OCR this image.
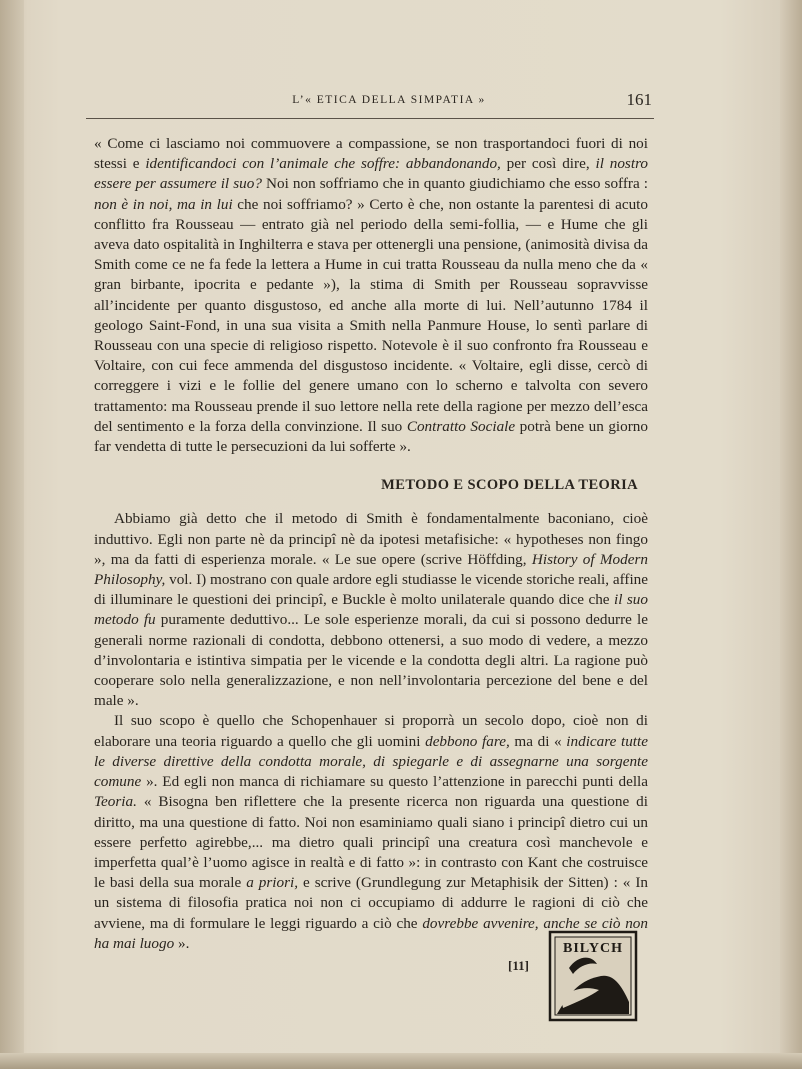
L’« ETICA DELLA SIMPATIA »	161

« Come ci lasciamo noi commuovere a compassione, se non trasportandoci fuori di noi stessi e identificandoci con l’animale che soffre: abbandonando, per così dire, il nostro essere per assumere il suo? Noi non soffriamo che in quanto giudichiamo che esso soffra : non è in noi, ma in lui che noi soffriamo? » Certo è che, non ostante la parentesi di acuto conflitto fra Rousseau — entrato già nel periodo della semi-follia, — e Hume che gli aveva dato ospitalità in Inghilterra e stava per ottenergli una pensione, (animosità divisa da Smith come ce ne fa fede la lettera a Hume in cui tratta Rousseau da nulla meno che da « gran birbante, ipocrita e pedante »), la stima di Smith per Rousseau sopravvisse all’incidente per quanto disgustoso, ed anche alla morte di lui. Nell’autunno 1784 il geologo Saint-Fond, in una sua visita a Smith nella Panmure House, lo sentì parlare di Rousseau con una specie di religioso rispetto. Notevole è il suo confronto fra Rousseau e Voltaire, con cui fece ammenda del disgustoso incidente. « Voltaire, egli disse, cercò di correggere i vizi e le follie del genere umano con lo scherno e talvolta con severo trattamento: ma Rousseau prende il suo lettore nella rete della ragione per mezzo dell’esca del sentimento e la forza della convinzione. Il suo Contratto Sociale potrà bene un giorno far vendetta di tutte le persecuzioni da lui sofferte ».

METODO E SCOPO DELLA TEORIA

Abbiamo già detto che il metodo di Smith è fondamentalmente baconiano, cioè induttivo. Egli non parte nè da principî nè da ipotesi metafisiche: « hypotheses non fingo », ma da fatti di esperienza morale. « Le sue opere (scrive Höffding, History of Modern Philosophy, vol. I) mostrano con quale ardore egli studiasse le vicende storiche reali, affine di illuminare le questioni dei principî, e Buckle è molto unilaterale quando dice che il suo metodo fu puramente deduttivo... Le sole esperienze morali, da cui si possono dedurre le generali norme razionali di condotta, debbono ottenersi, a suo modo di vedere, a mezzo d’involontaria e istintiva simpatia per le vicende e la condotta degli altri. La ragione può cooperare solo nella generalizzazione, e non nell’involontaria percezione del bene e del male ».

Il suo scopo è quello che Schopenhauer si proporrà un secolo dopo, cioè non di elaborare una teoria riguardo a quello che gli uomini debbono fare, ma di « indicare tutte le diverse direttive della condotta morale, di spiegarle e di assegnarne una sorgente comune ». Ed egli non manca di richiamare su questo l’attenzione in parecchi punti della Teoria. « Bisogna ben riflettere che la presente ricerca non riguarda una questione di diritto, ma una questione di fatto. Noi non esaminiamo quali siano i principî dietro cui un essere perfetto agirebbe,... ma dietro quali principî una creatura così manchevole e imperfetta qual’è l’uomo agisce in realtà e di fatto »: in contrasto con Kant che costruisce le basi della sua morale a priori, e scrive (Grundlegung zur Metaphisik der Sitten) : « In un sistema di filosofia pratica noi non ci occupiamo di addurre le ragioni di ciò che avviene, ma di formulare le leggi riguardo a ciò che dovrebbe avvenire, anche se ciò non ha mai luogo ».

[11]
BILYCH
